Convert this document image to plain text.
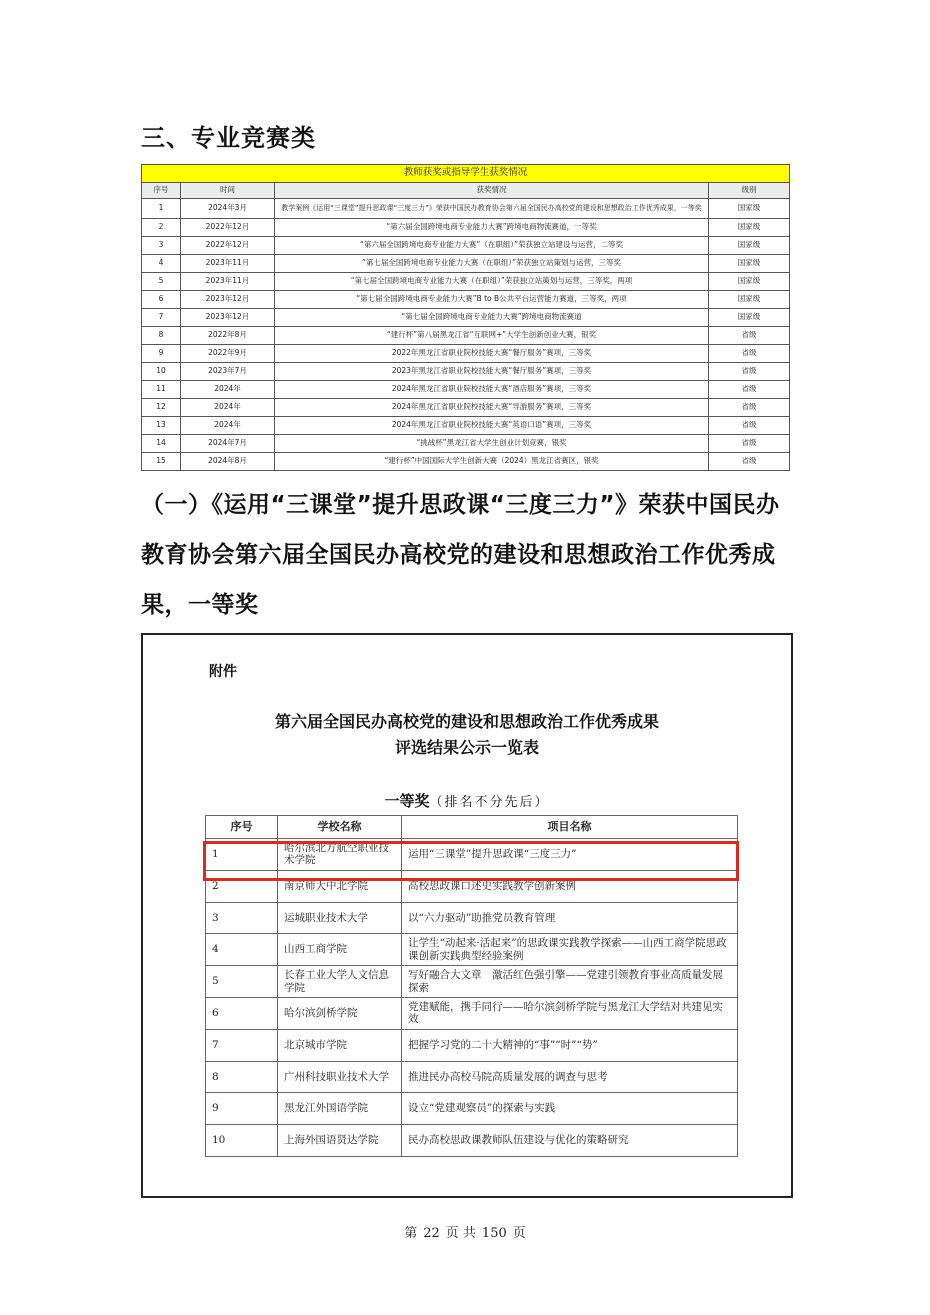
三、专业竞赛类
教师获奖或指导学生获奖情况			
序号	时间	获奖情况	级别
1	2024年3月	教学案例《运用“三课堂”提升思政课“三度三力”》荣获中国民办教育协会第六届全国民办高校党的建设和思想政治工作优秀成果，一等奖	国家级
2	2022年12月	“第六届全国跨境电商专业能力大赛”跨境电商物流赛道，一等奖	国家级
3	2022年12月	“第六届全国跨境电商专业能力大赛”（在职组）”荣获独立站建设与运营，二等奖	国家级
4	2023年11月	“第七届全国跨境电商专业能力大赛（在职组）”荣获独立站策划与运营，三等奖	国家级
5	2023年11月	“第七届全国跨境电商专业能力大赛（在职组）”荣获独立站策划与运营，三等奖，两项	国家级
6	2023年12月	“第七届全国跨境电商专业能力大赛”B to B公共平台运营能力赛道，三等奖，两项	国家级
7	2023年12月	“第七届全国跨境电商专业能力大赛”跨境电商物流赛道	国家级
8	2022年8月	“建行杯”第八届黑龙江省“互联网+”大学生创新创业大赛，银奖	省级
9	2022年9月	2022年黑龙江省职业院校技能大赛“餐厅服务”赛项，三等奖	省级
10	2023年7月	2023年黑龙江省职业院校技能大赛“餐厅服务”赛项，三等奖	省级
11	2024年	2024年黑龙江省职业院校技能大赛“酒店服务”赛项，三等奖	省级
12	2024年	2024年黑龙江省职业院校技能大赛“导游服务”赛项，三等奖	省级
13	2024年	2024年黑龙江省职业院校技能大赛“英语口语”赛项，三等奖	省级
14	2024年7月	“挑战杯”黑龙江省大学生创业计划竞赛，银奖	省级
15	2024年8月	“建行杯”中国国际大学生创新大赛（2024）黑龙江省赛区，银奖	省级
（一）《运用“三课堂”提升思政课“三度三力”》荣获中国民办教育协会第六届全国民办高校党的建设和思想政治工作优秀成果，一等奖
附件
第六届全国民办高校党的建设和思想政治工作优秀成果
评选结果公示一览表
一等奖（排名不分先后）
序号	学校名称	项目名称
1	哈尔滨北方航空职业技术学院	运用“三课堂”提升思政课“三度三力”
2	南京师大中北学院	高校思政课口述史实践教学创新案例
3	运城职业技术大学	以“六力驱动”助推党员教育管理
4	山西工商学院	让学生“动起来·活起来”的思政课实践教学探索——山西工商学院思政课创新实践典型经验案例
5	长春工业大学人文信息学院	写好融合大文章　激活红色强引擎——党建引领教育事业高质量发展探索
6	哈尔滨剑桥学院	党建赋能，携手同行——哈尔滨剑桥学院与黑龙江大学结对共建见实效
7	北京城市学院	把握学习党的二十大精神的“事”“时”“势”
8	广州科技职业技术大学	推进民办高校马院高质量发展的调查与思考
9	黑龙江外国语学院	设立“党建观察员”的探索与实践
10	上海外国语贤达学院	民办高校思政课教师队伍建设与优化的策略研究
第 22 页 共 150 页
